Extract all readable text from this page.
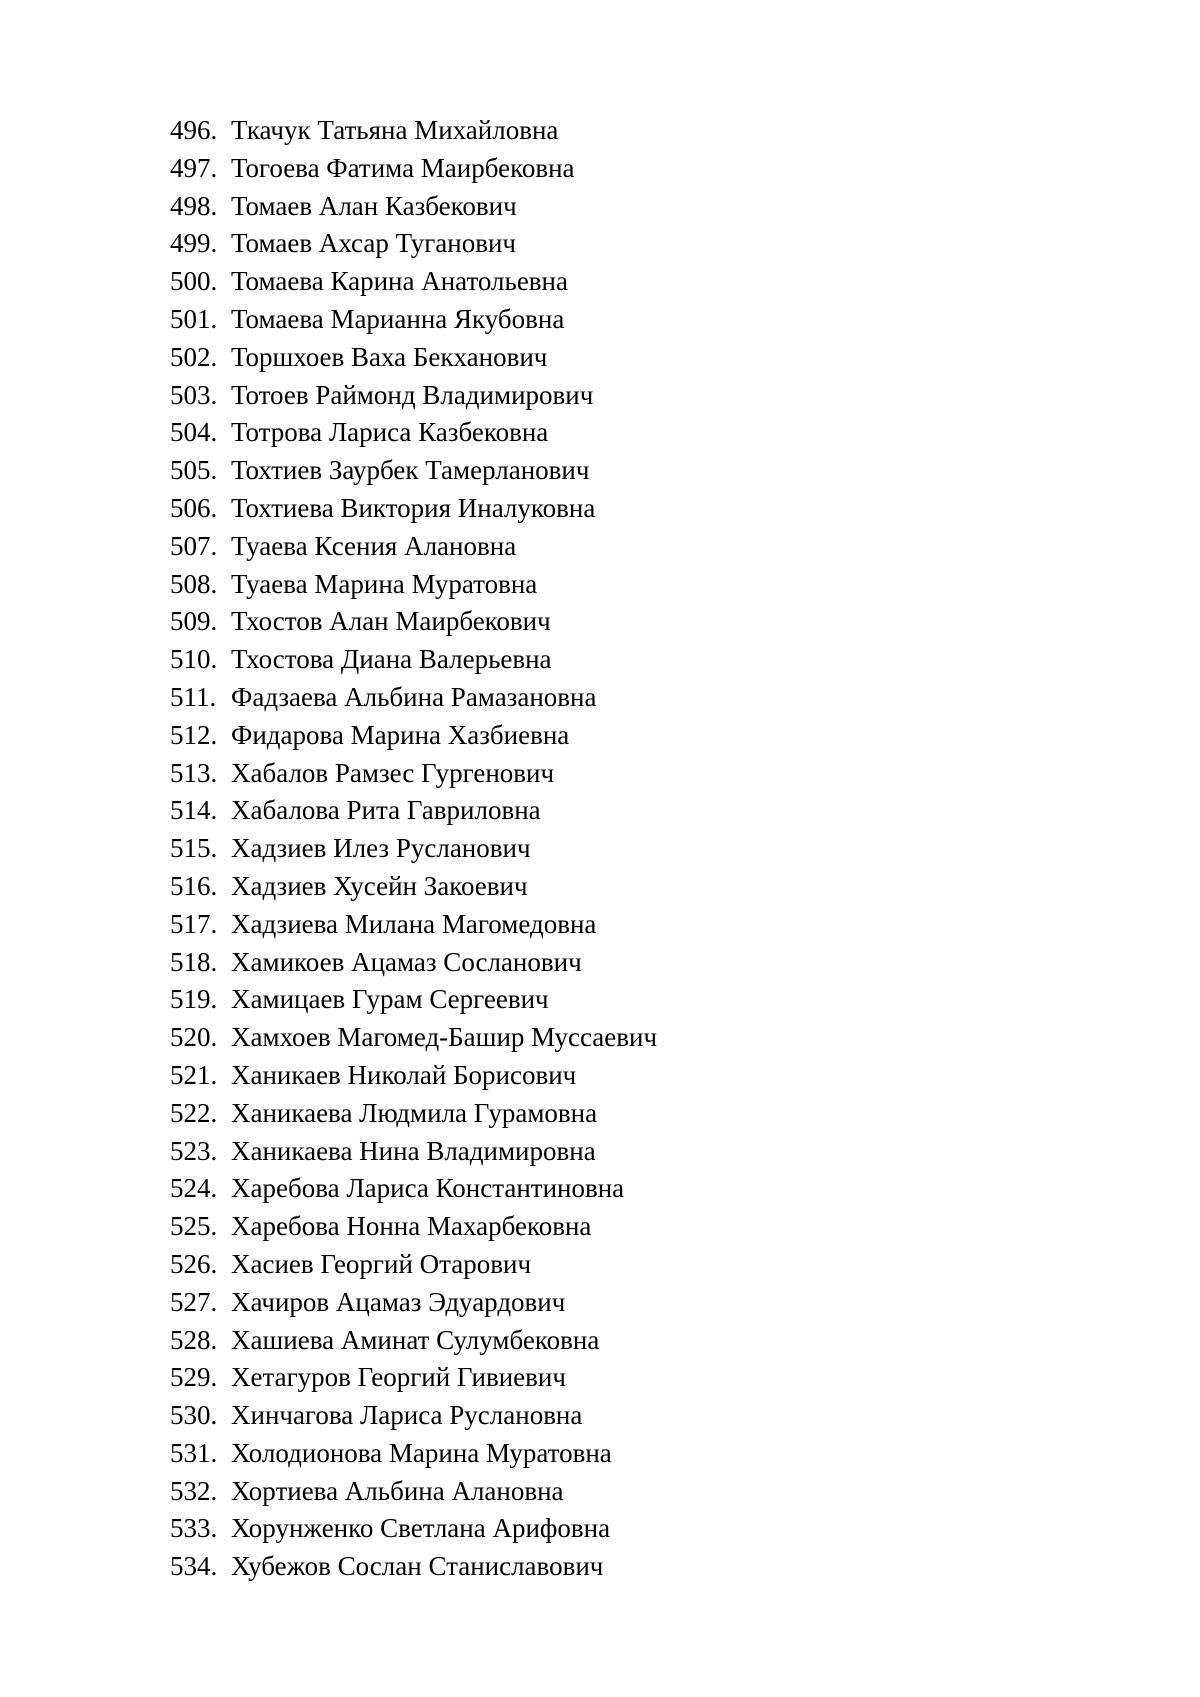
496. Ткачук Татьяна Михайловна
497. Тогоева Фатима Маирбековна
498. Томаев Алан Казбекович
499. Томаев Ахсар Туганович
500. Томаева Карина Анатольевна
501. Томаева Марианна Якубовна
502. Торшхоев Ваха Бекханович
503. Тотоев Раймонд Владимирович
504. Тотрова Лариса Казбековна
505. Тохтиев Заурбек Тамерланович
506. Тохтиева Виктория Иналуковна
507. Туаева Ксения Алановна
508. Туаева Марина Муратовна
509. Тхостов Алан Маирбекович
510. Тхостова Диана Валерьевна
511. Фадзаева Альбина Рамазановна
512. Фидарова Марина Хазбиевна
513. Хабалов Рамзес Гургенович
514. Хабалова Рита Гавриловна
515. Хадзиев Илез Русланович
516. Хадзиев Хусейн Закоевич
517. Хадзиева Милана Магомедовна
518. Хамикоев Ацамаз Сосланович
519. Хамицаев Гурам Сергеевич
520. Хамхоев Магомед-Башир Муссаевич
521. Ханикаев Николай Борисович
522. Ханикаева Людмила Гурамовна
523. Ханикаева Нина Владимировна
524. Харебова Лариса Константиновна
525. Харебова Нонна Махарбековна
526. Хасиев Георгий Отарович
527. Хачиров Ацамаз Эдуардович
528. Хашиева Аминат Сулумбековна
529. Хетагуров Георгий Гивиевич
530. Хинчагова Лариса Руслановна
531. Холодионова Марина Муратовна
532. Хортиева Альбина Алановна
533. Хорунженко Светлана Арифовна
534. Хубежов Сослан Станиславович
